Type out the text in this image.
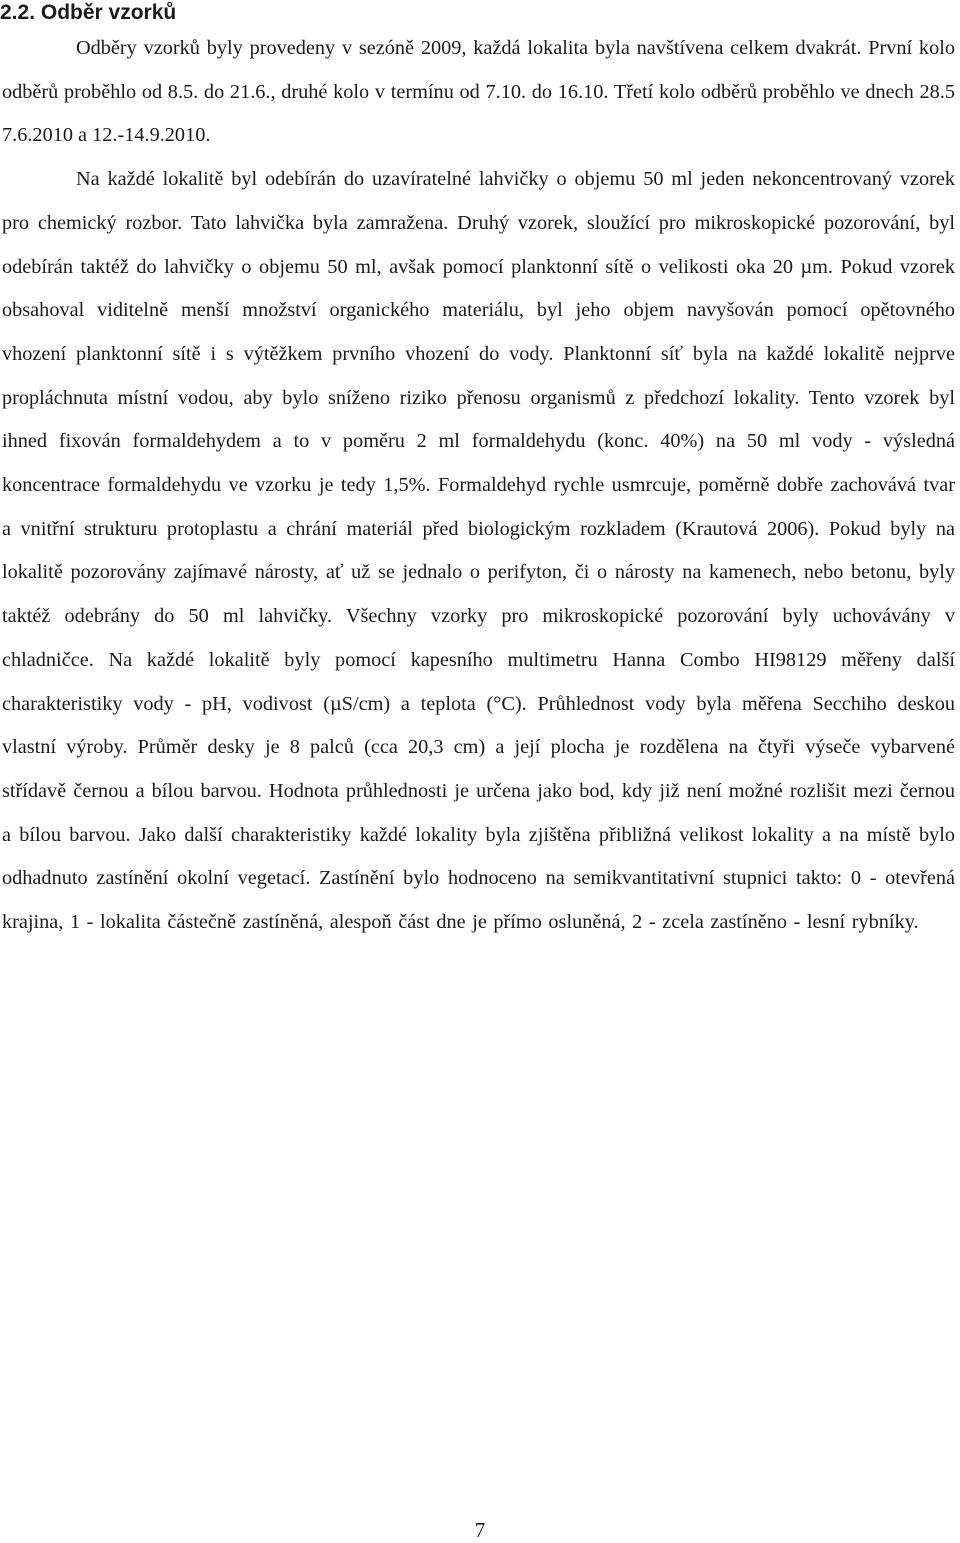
2.2. Odběr vzorků

Odběry vzorků byly provedeny v sezóně 2009, každá lokalita byla navštívena celkem dvakrát. První kolo odběrů proběhlo od 8.5. do 21.6., druhé kolo v termínu od 7.10. do 16.10. Třetí kolo odběrů proběhlo ve dnech 28.5 7.6.2010 a 12.-14.9.2010.

Na každé lokalitě byl odebírán do uzavíratelné lahvičky o objemu 50 ml jeden nekoncentrovaný vzorek pro chemický rozbor. Tato lahvička byla zamražena. Druhý vzorek, sloužící pro mikroskopické pozorování, byl odebírán taktéž do lahvičky o objemu 50 ml, avšak pomocí planktonní sítě o velikosti oka 20 µm. Pokud vzorek obsahoval viditelně menší množství organického materiálu, byl jeho objem navyšován pomocí opětovného vhození planktonní sítě i s výtěžkem prvního vhození do vody. Planktonní síť byla na každé lokalitě nejprve propláchnuta místní vodou, aby bylo sníženo riziko přenosu organismů z předchozí lokality. Tento vzorek byl ihned fixován formaldehydem a to v poměru 2 ml formaldehydu (konc. 40%) na 50 ml vody - výsledná koncentrace formaldehydu ve vzorku je tedy 1,5%. Formaldehyd rychle usmrcuje, poměrně dobře zachovává tvar a vnitřní strukturu protoplastu a chrání materiál před biologickým rozkladem (Krautová 2006). Pokud byly na lokalitě pozorovány zajímavé nárosty, ať už se jednalo o perifyton, či o nárosty na kamenech, nebo betonu, byly taktéž odebrány do 50 ml lahvičky. Všechny vzorky pro mikroskopické pozorování byly uchovávány v chladničce. Na každé lokalitě byly pomocí kapesního multimetru Hanna Combo HI98129 měřeny další charakteristiky vody - pH, vodivost (µS/cm) a teplota (°C). Průhlednost vody byla měřena Secchiho deskou vlastní výroby. Průměr desky je 8 palců (cca 20,3 cm) a její plocha je rozdělena na čtyři výseče vybarvené střídavě černou a bílou barvou. Hodnota průhlednosti je určena jako bod, kdy již není možné rozlišit mezi černou a bílou barvou. Jako další charakteristiky každé lokality byla zjištěna přibližná velikost lokality a na místě bylo odhadnuto zastínění okolní vegetací. Zastínění bylo hodnoceno na semikvantitativní stupnici takto: 0 - otevřená krajina, 1 - lokalita částečně zastíněná, alespoň část dne je přímo osluněná, 2 - zcela zastíněno - lesní rybníky.

7
